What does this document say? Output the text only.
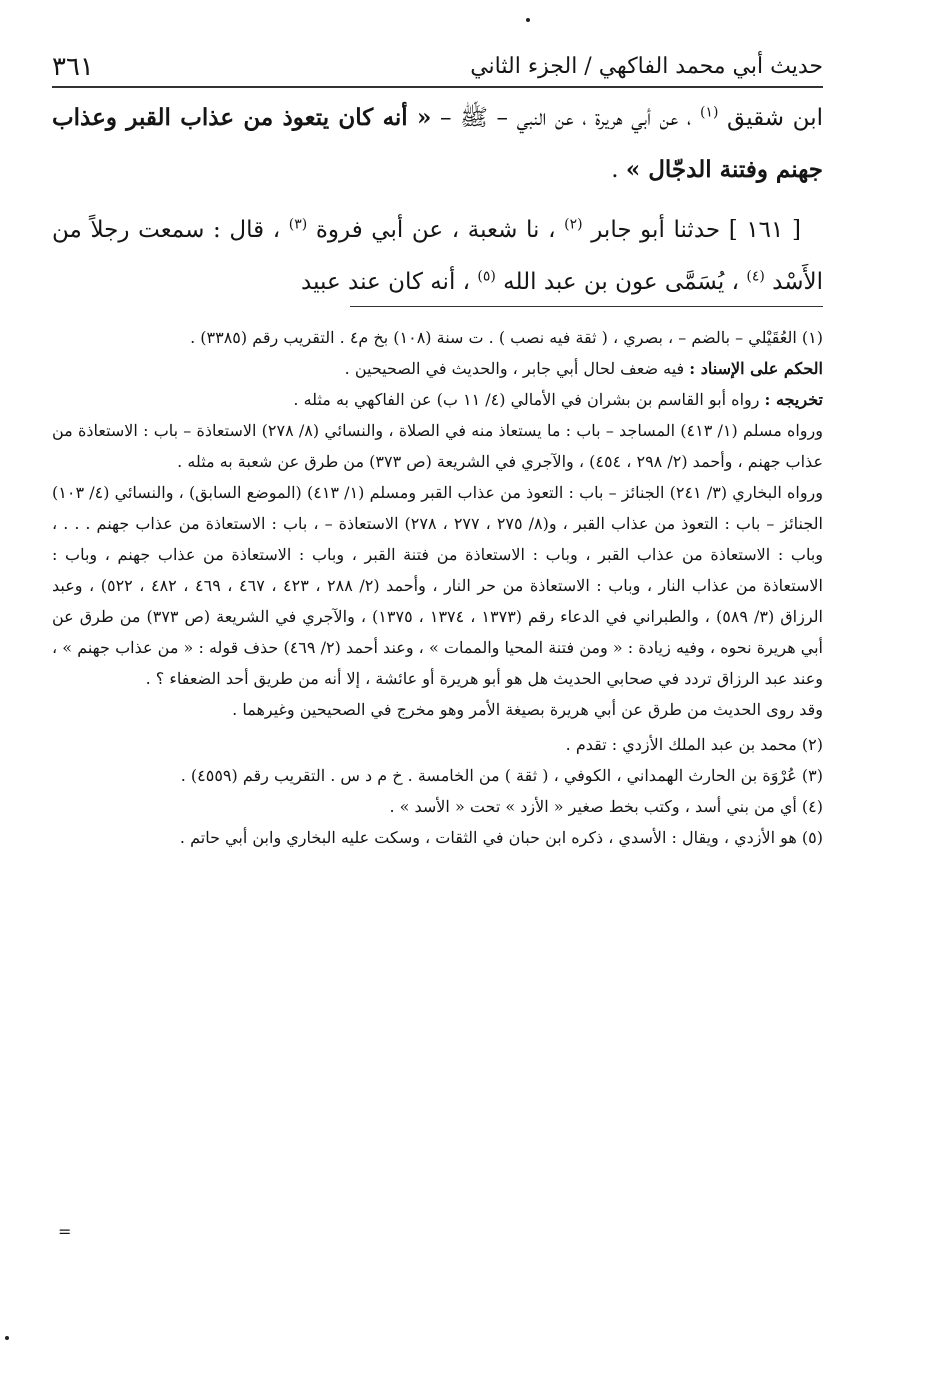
حديث أبي محمد الفاكهي / الجزء الثاني
٣٦١

ابن شقيق $^{(١)}$ ، عن أبي هريرة ، عن النبي – ﷺ – « أنه كان يتعوذ من عذاب القبر وعذاب جهنم وفتنة الدجّال » .

[ ١٦١ ] حدثنا أبو جابر $^{(٢)}$ ، نا شعبة ، عن أبي فروة $^{(٣)}$ ، قال : سمعت رجلاً من الأَسْد $^{(٤)}$ ، يُسَمَّى عون بن عبد الله $^{(٥)}$ ، أنه كان عند عبيد

(١) العُقَيْلي – بالضم – ، بصري ، ( ثقة فيه نصب ) . ت سنة (١٠٨) بخ م٤ . التقريب رقم (٣٣٨٥) .

الحكم على الإسناد : فيه ضعف لحال أبي جابر ، والحديث في الصحيحين .

تخريجه : رواه أبو القاسم بن بشران في الأمالي (٤/ ١١ ب) عن الفاكهي به مثله .

ورواه مسلم (١/ ٤١٣) المساجد – باب : ما يستعاذ منه في الصلاة ، والنسائي (٨/ ٢٧٨) الاستعاذة – باب : الاستعاذة من عذاب جهنم ، وأحمد (٢/ ٢٩٨ ، ٤٥٤) ، والآجري في الشريعة (ص ٣٧٣) من طرق عن شعبة به مثله .

ورواه البخاري (٣/ ٢٤١) الجنائز – باب : التعوذ من عذاب القبر ومسلم (١/ ٤١٣) (الموضع السابق) ، والنسائي (٤/ ١٠٣) الجنائز – باب : التعوذ من عذاب القبر ، و(٨/ ٢٧٥ ، ٢٧٧ ، ٢٧٨) الاستعاذة – ، باب : الاستعاذة من عذاب جهنم . . . ، وباب : الاستعاذة من عذاب القبر ، وباب : الاستعاذة من فتنة القبر ، وباب : الاستعاذة من عذاب جهنم ، وباب : الاستعاذة من عذاب النار ، وباب : الاستعاذة من حر النار ، وأحمد (٢/ ٢٨٨ ، ٤٢٣ ، ٤٦٧ ، ٤٦٩ ، ٤٨٢ ، ٥٢٢) ، وعبد الرزاق (٣/ ٥٨٩) ، والطبراني في الدعاء رقم (١٣٧٣ ، ١٣٧٤ ، ١٣٧٥) ، والآجري في الشريعة (ص ٣٧٣) من طرق عن أبي هريرة نحوه ، وفيه زيادة : « ومن فتنة المحيا والممات » ، وعند أحمد (٢/ ٤٦٩) حذف قوله : « من عذاب جهنم » ، وعند عبد الرزاق تردد في صحابي الحديث هل هو أبو هريرة أو عائشة ، إلا أنه من طريق أحد الضعفاء ؟ .

وقد روى الحديث من طرق عن أبي هريرة بصيغة الأمر وهو مخرج في الصحيحين وغيرهما .

(٢) محمد بن عبد الملك الأزدي : تقدم .

(٣) عُرْوَة بن الحارث الهمداني ، الكوفي ، ( ثقة ) من الخامسة . خ م د س . التقريب رقم (٤٥٥٩) .

(٤) أي من بني أسد ، وكتب بخط صغير « الأزد » تحت « الأسد » .

(٥) هو الأزدي ، ويقال : الأسدي ، ذكره ابن حبان في الثقات ، وسكت عليه البخاري وابن أبي حاتم .

=
